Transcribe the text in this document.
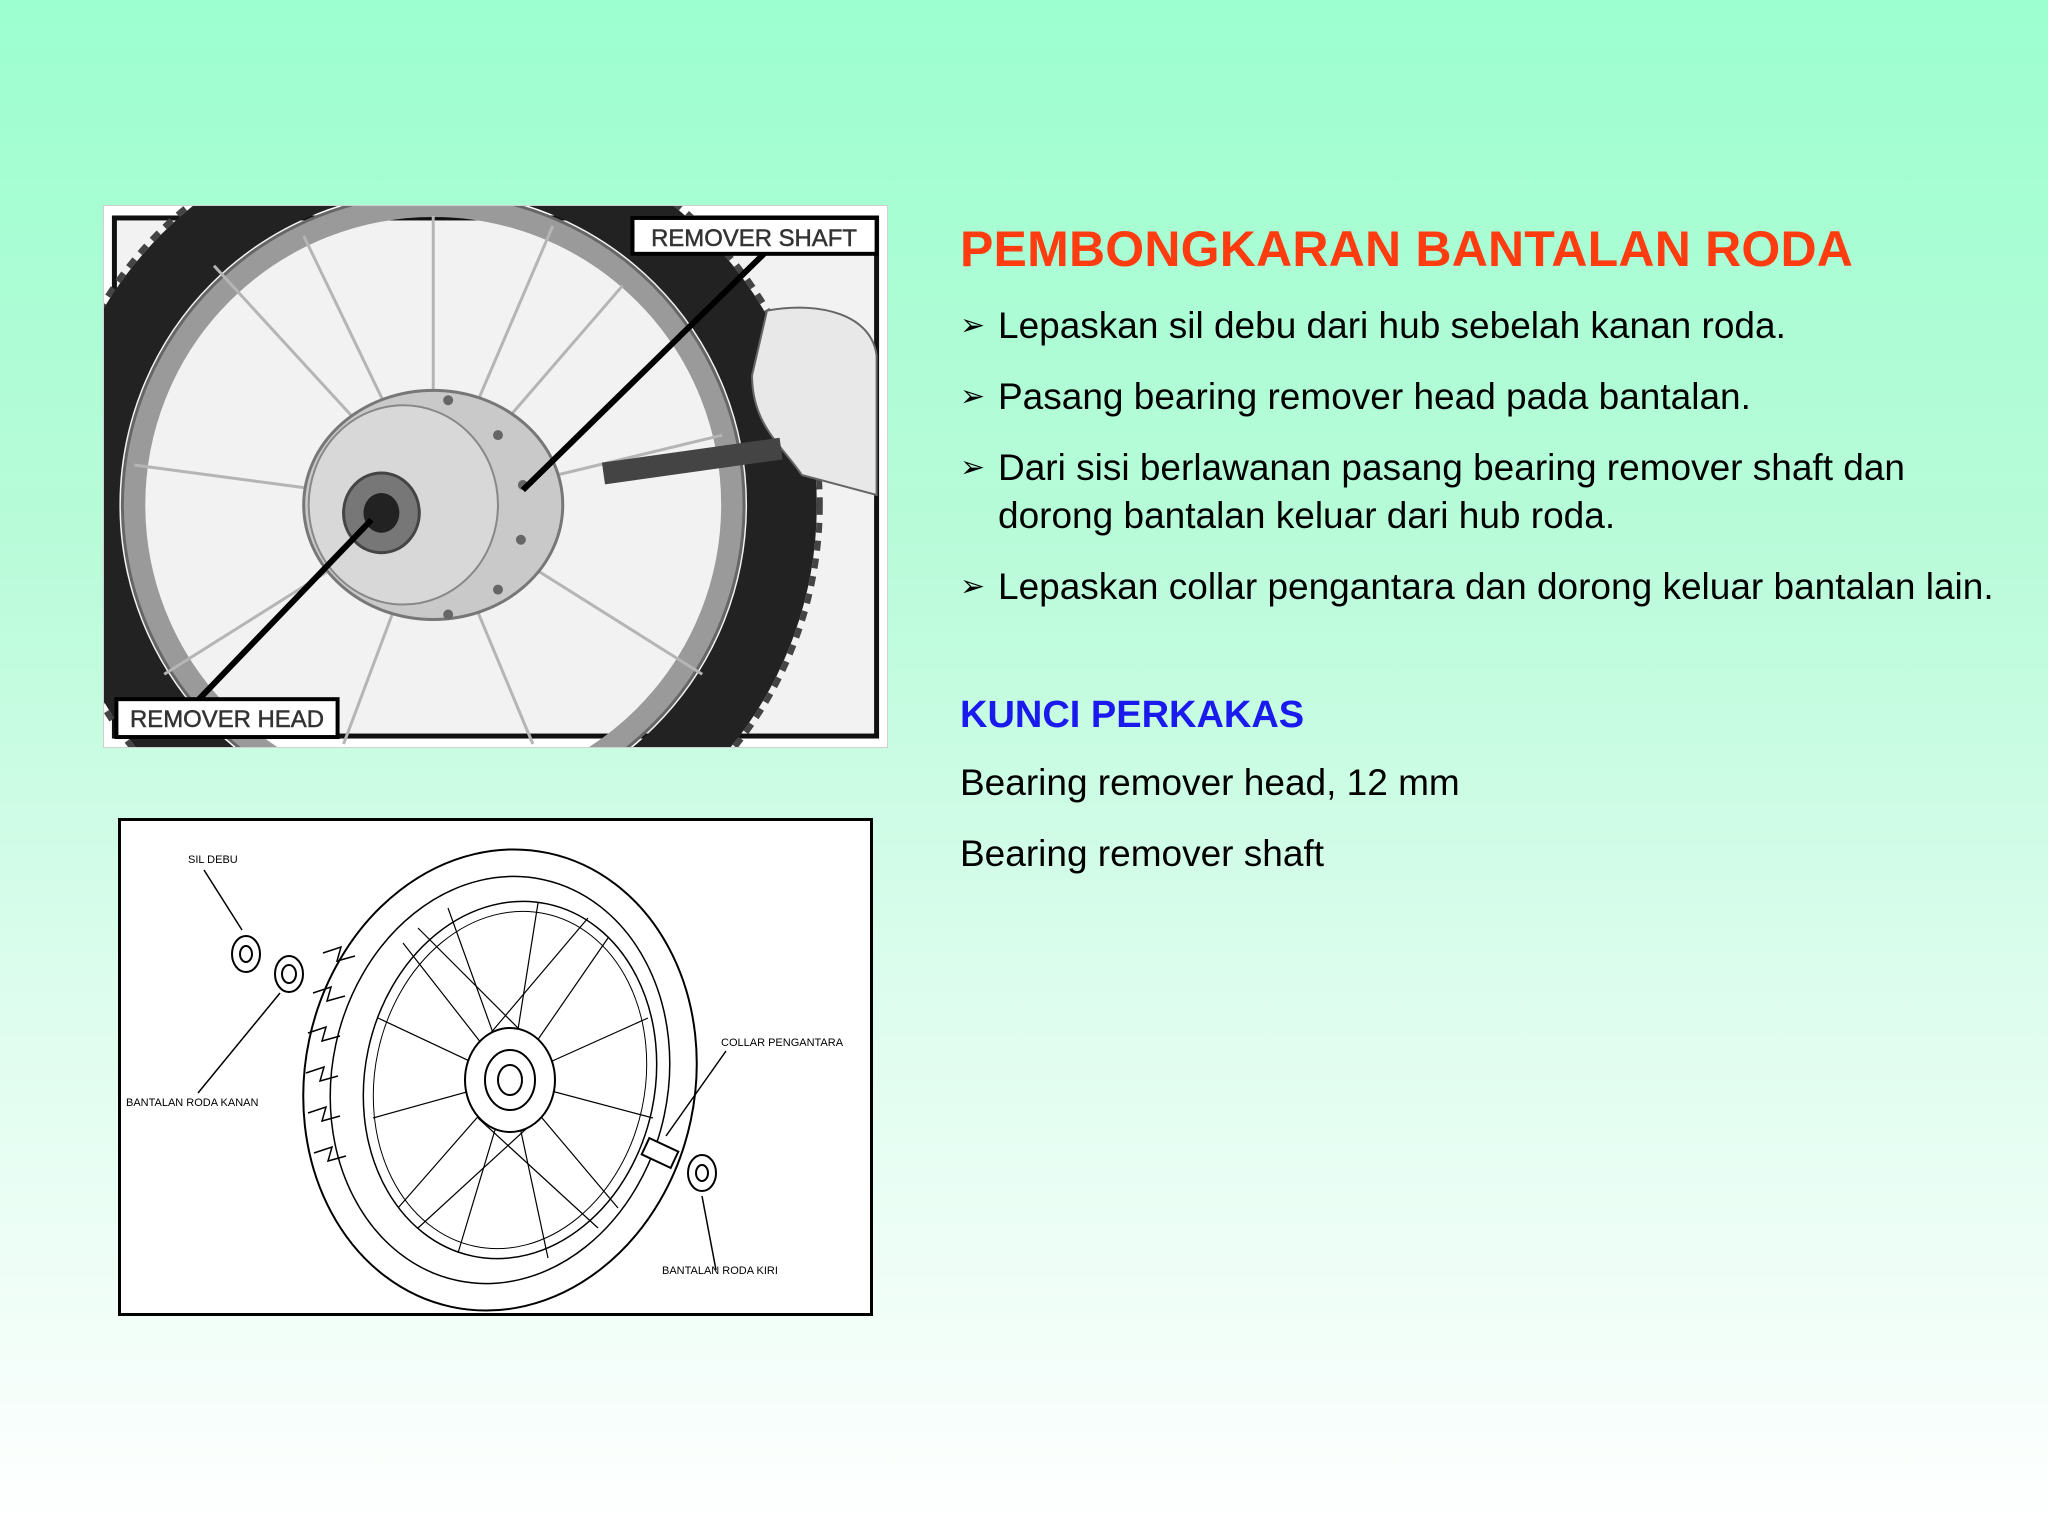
REMOVER SHAFT
REMOVER HEAD
SIL DEBU
BANTALAN RODA KANAN
COLLAR PENGANTARA
BANTALAN RODA KIRI
PEMBONGKARAN BANTALAN RODA
➢ Lepaskan sil debu dari hub sebelah kanan roda.
➢ Pasang bearing remover head pada bantalan.
➢ Dari sisi berlawanan pasang bearing remover shaft dan dorong bantalan keluar dari hub roda.
➢ Lepaskan collar pengantara dan dorong keluar bantalan lain.
KUNCI PERKAKAS
Bearing remover head, 12 mm
Bearing remover shaft
